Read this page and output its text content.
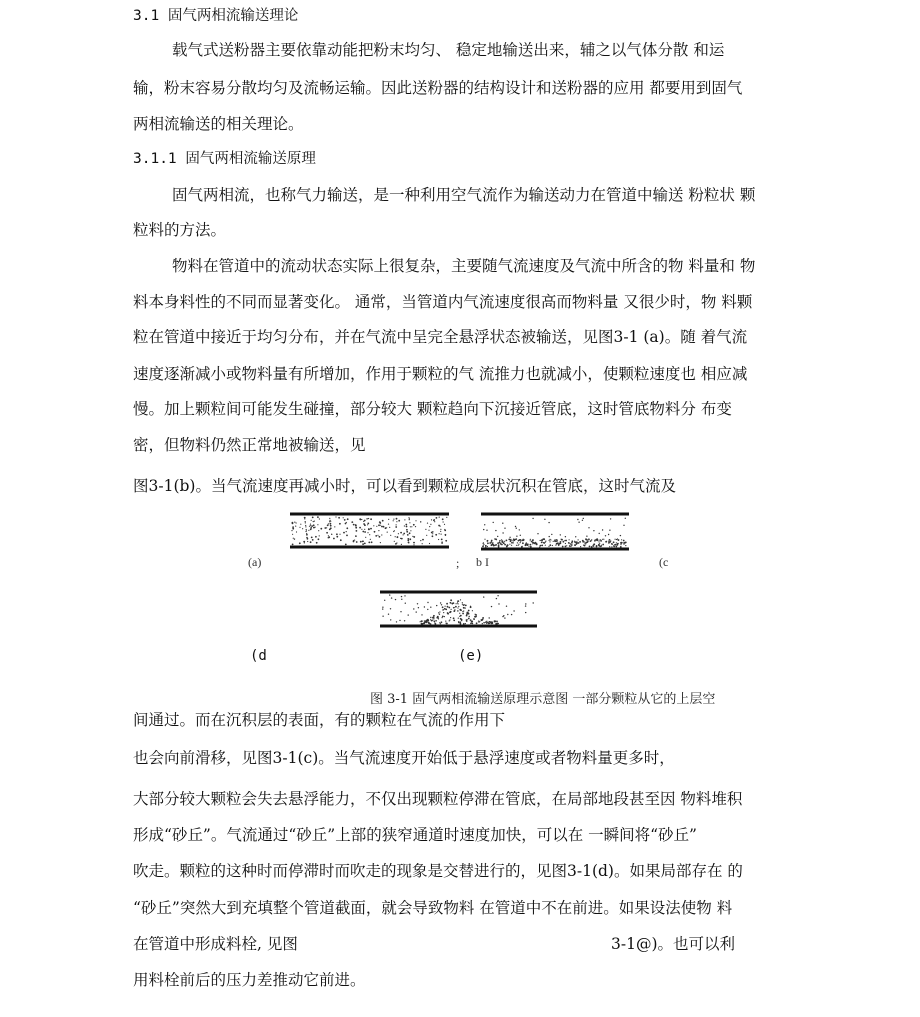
3.1 固气两相流输送理论
载气式送粉器主要依靠动能把粉末均匀、 稳定地输送出来，辅之以气体分散 和运
输，粉末容易分散均匀及流畅运输。因此送粉器的结构设计和送粉器的应用 都要用到固气
两相流输送的相关理论。
3.1.1 固气两相流输送原理
固气两相流，也称气力输送，是一种利用空气流作为输送动力在管道中输送 粉粒状 颗
粒料的方法。
物料在管道中的流动状态实际上很复杂，主要随气流速度及气流中所含的物 料量和 物
料本身料性的不同而显著变化。 通常，当管道内气流速度很高而物料量 又很少时，物 料颗
粒在管道中接近于均匀分布，并在气流中呈完全悬浮状态被输送，见图3-1 (a)。随 着气流
速度逐渐减小或物料量有所增加，作用于颗粒的气 流推力也就减小，使颗粒速度也 相应减
慢。加上颗粒间可能发生碰撞，部分较大 颗粒趋向下沉接近管底，这时管底物料分 布变
密，但物料仍然正常地被输送，见
图3-1(b)。当气流速度再减小时，可以看到颗粒成层状沉积在管底，这时气流及
(a)	; b I	(c
(d	(e)
图 3-1 固气两相流输送原理示意图 一部分颗粒从它的上层空
间通过。而在沉积层的表面，有的颗粒在气流的作用下
也会向前滑移，见图3-1(c)。当气流速度开始低于悬浮速度或者物料量更多时，
大部分较大颗粒会失去悬浮能力，不仅出现颗粒停滞在管底，在局部地段甚至因 物料堆积
形成“砂丘”。气流通过“砂丘”上部的狭窄通道时速度加快，可以在 一瞬间将“砂丘”
吹走。颗粒的这种时而停滞时而吹走的现象是交替进行的，见图3-1(d)。如果局部存在 的
“砂丘”突然大到充填整个管道截面，就会导致物料 在管道中不在前进。如果设法使物 料
在管道中形成料栓, 见图	3-1@)。也可以利
用料栓前后的压力差推动它前进。
